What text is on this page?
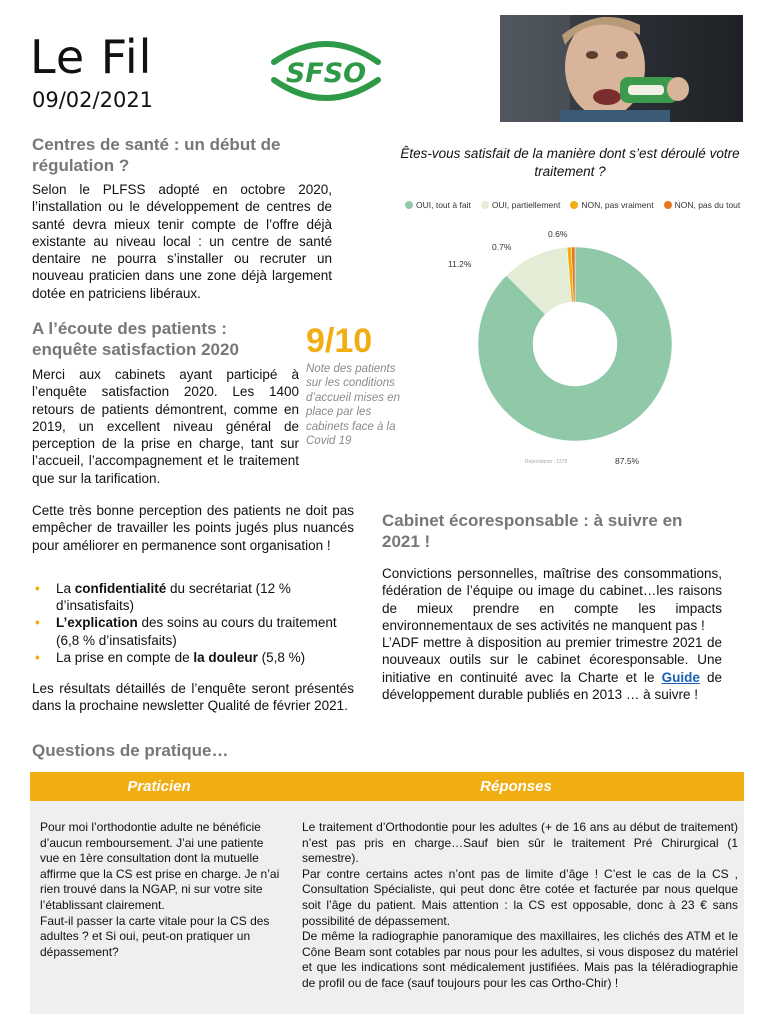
Le Fil
09/02/2021
SFSO
Centres de santé : un début de régulation ?

Selon le PLFSS adopté en octobre 2020, l’installation ou le développement de centres de santé devra mieux tenir compte de l’offre déjà existante au niveau local : un centre de santé dentaire ne pourra s’installer ou recruter un nouveau praticien dans une zone déjà largement dotée en patriciens libéraux.

A l’écoute des patients : enquête satisfaction 2020	9/10
Note des patients sur les conditions d’accueil mises en place par les cabinets face à la Covid 19

Merci aux cabinets ayant participé à l’enquête satisfaction 2020. Les 1400 retours de patients démontrent, comme en 2019, un excellent niveau général de perception de la prise en charge, tant sur l’accueil, l’accompagnement et le traitement que sur la tarification.

Cette très bonne perception des patients ne doit pas empêcher de travailler les points jugés plus nuancés pour améliorer en permanence sont organisation !

• La confidentialité du secrétariat (12 % d’insatisfaits)
• L’explication des soins au cours du traitement (6,8 % d’insatisfaits)
• La prise en compte de la douleur (5,8 %)

Les résultats détaillés de l’enquête seront présentés dans la prochaine newsletter Qualité de février 2021.

Êtes-vous satisfait de la manière dont s’est déroulé votre traitement ?
OUI, tout à fait OUI, partiellement NON, pas vraiment NON, pas du tout
87.5%
11.2%
0.7%
0.6%
Répondants : 1379
Cabinet écoresponsable : à suivre en 2021 !

Convictions personnelles, maîtrise des consommations, fédération de l’équipe ou image du cabinet…les raisons de mieux prendre en compte les impacts environnementaux de ses activités ne manquent pas !

L’ADF mettre à disposition au premier trimestre 2021 de nouveaux outils sur le cabinet écoresponsable. Une initiative en continuité avec la Charte et le Guide de développement durable publiés en 2013 … à suivre !

Questions de pratique…
Praticien	Réponses

Pour moi l’orthodontie adulte ne bénéficie d’aucun remboursement. J’ai une patiente vue en 1ère consultation dont la mutuelle affirme que la CS est prise en charge. Je n’ai rien trouvé dans la NGAP, ni sur votre site l’établissant clairement.

Faut-il passer la carte vitale pour la CS des adultes ? et Si oui, peut-on pratiquer un dépassement?

Le traitement d’Orthodontie pour les adultes (+ de 16 ans au début de traitement) n’est pas pris en charge…Sauf bien sûr le traitement Pré Chirurgical (1 semestre).

Par contre certains actes n’ont pas de limite d’âge ! C’est le cas de la CS , Consultation Spécialiste, qui peut donc être cotée et facturée par nous quelque soit l’âge du patient. Mais attention : la CS est opposable, donc à 23 € sans possibilité de dépassement.

De même la radiographie panoramique des maxillaires, les clichés des ATM et le Cône Beam sont cotables par nous pour les adultes, si vous disposez du matériel et que les indications sont médicalement justifiées. Mais pas la téléradiographie de profil ou de face (sauf toujours pour les cas Ortho-Chir) !
